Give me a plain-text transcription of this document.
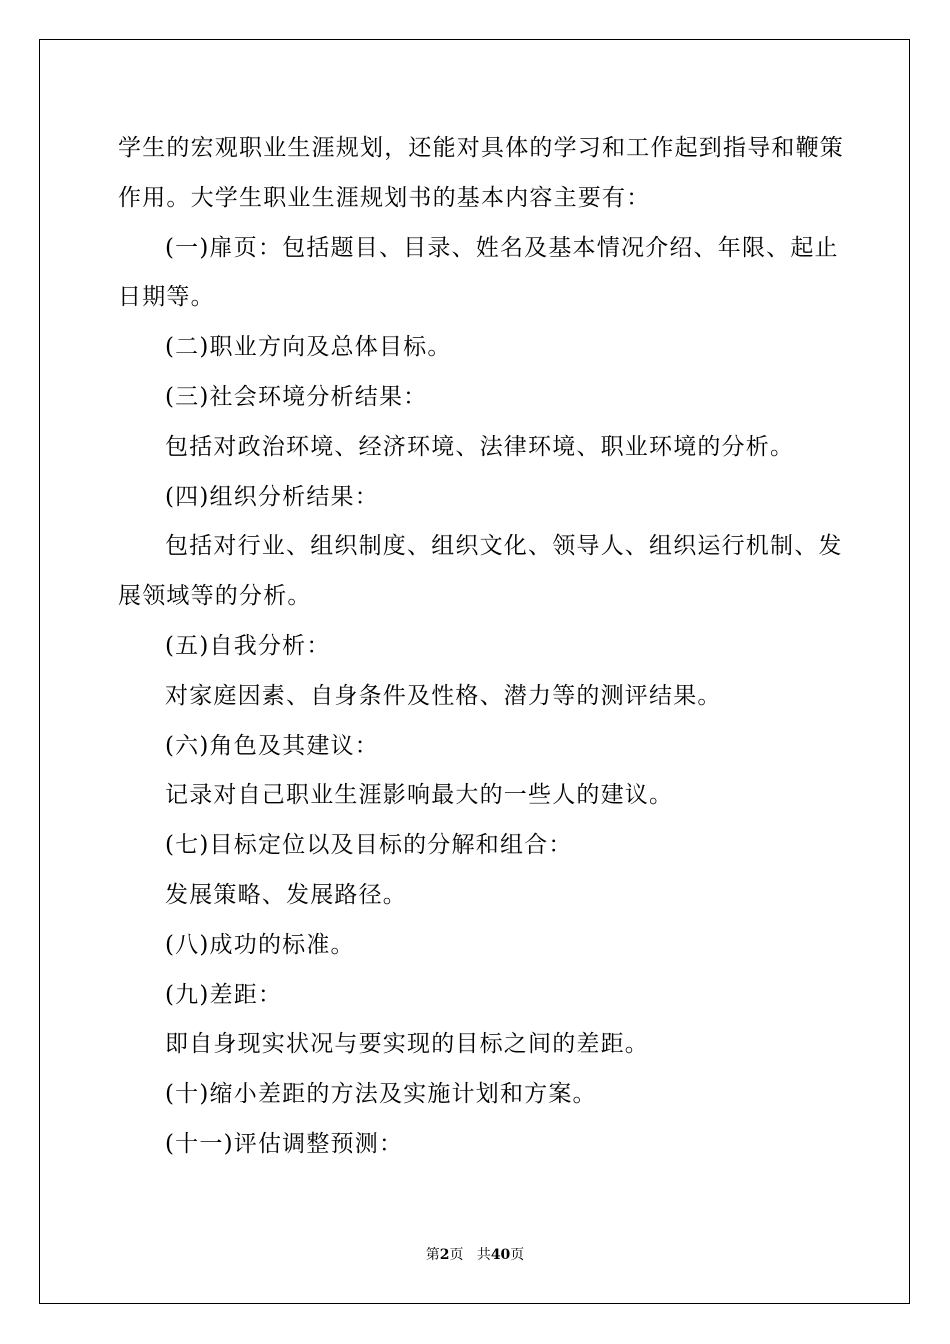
学生的宏观职业生涯规划，还能对具体的学习和工作起到指导和鞭策
作用。大学生职业生涯规划书的基本内容主要有：
(一)扉页：包括题目、目录、姓名及基本情况介绍、年限、起止
日期等。
(二)职业方向及总体目标。
(三)社会环境分析结果：
包括对政治环境、经济环境、法律环境、职业环境的分析。
(四)组织分析结果：
包括对行业、组织制度、组织文化、领导人、组织运行机制、发
展领域等的分析。
(五)自我分析：
对家庭因素、自身条件及性格、潜力等的测评结果。
(六)角色及其建议：
记录对自己职业生涯影响最大的一些人的建议。
(七)目标定位以及目标的分解和组合：
发展策略、发展路径。
(八)成功的标准。
(九)差距：
即自身现实状况与要实现的目标之间的差距。
(十)缩小差距的方法及实施计划和方案。
(十一)评估调整预测：
第2页 共40页
